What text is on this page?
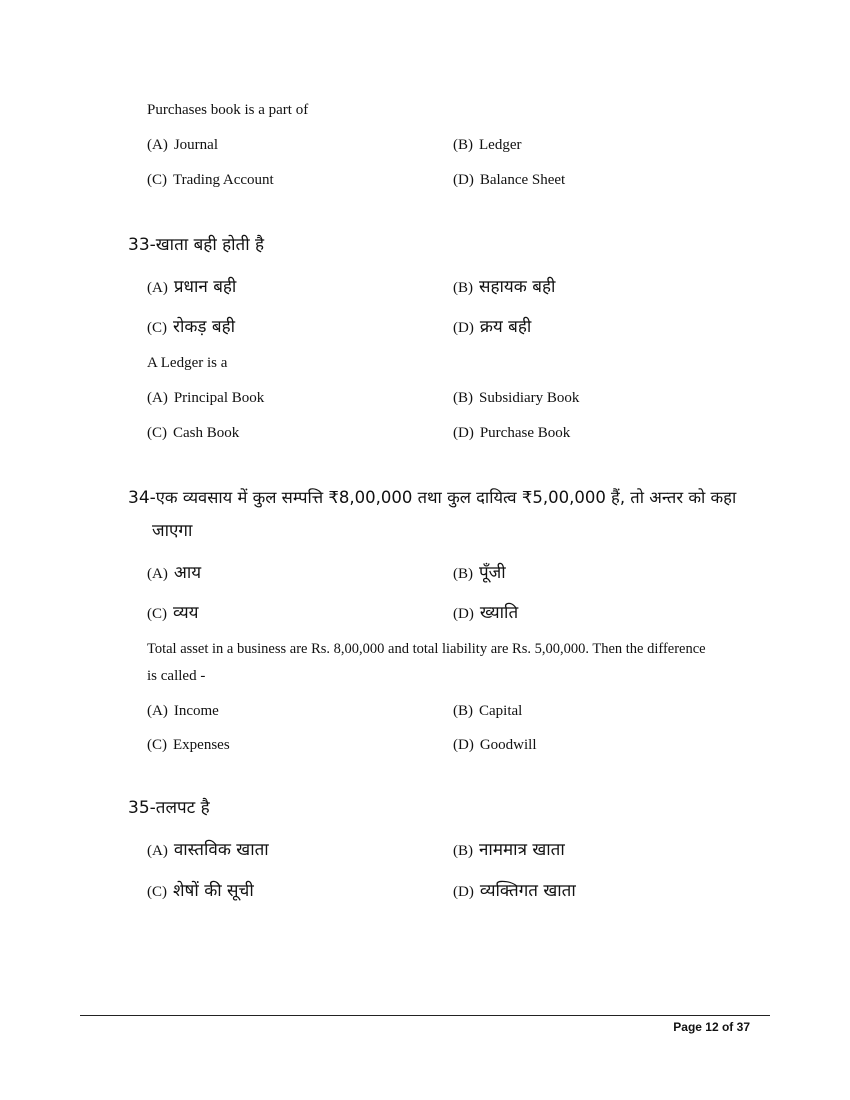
Purchases book is a part of
(A) Journal	(B) Ledger
(C) Trading Account	(D) Balance Sheet
33-खाता बही होती है
(A) प्रधान बही	(B) सहायक बही
(C) रोकड़ बही	(D) क्रय बही
A Ledger is a
(A) Principal Book	(B) Subsidiary Book
(C) Cash Book	(D) Purchase Book
34-एक व्यवसाय में कुल सम्पत्ति ₹8,00,000 तथा कुल दायित्व ₹5,00,000 हैं, तो अन्तर को कहा
जाएगा
(A) आय	(B) पूँजी
(C) व्यय	(D) ख्याति
Total asset in a business are Rs. 8,00,000 and total liability are Rs. 5,00,000. Then the difference
is called -
(A) Income	(B) Capital
(C) Expenses	(D) Goodwill
35-तलपट है
(A) वास्तविक खाता	(B) नाममात्र खाता
(C) शेषों की सूची	(D) व्यक्तिगत खाता
Page 12 of 37
